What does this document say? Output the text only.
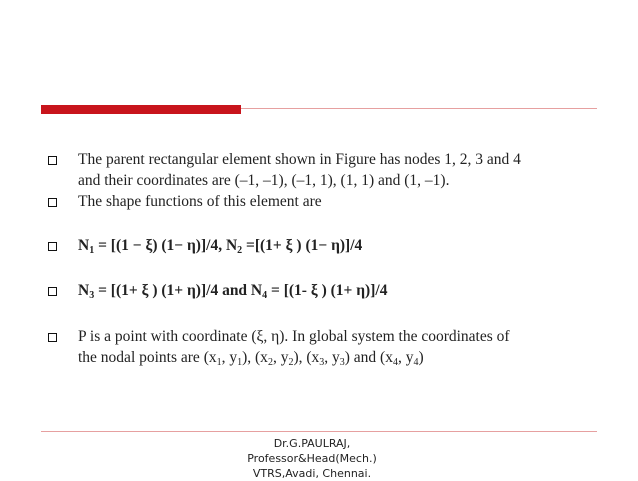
The parent rectangular element shown in Figure has nodes 1, 2, 3 and 4
and their coordinates are (–1, –1), (–1, 1), (1, 1) and (1, –1).
The shape functions of this element are
$N_1 = [(1 - \xi)$ (1− η)]/4, $N_2 =[(1+ \xi$ ) (1− η)]/4
$N_3 = [(1+ \xi$ ) (1+ η)]/4 and $N_4 = [(1-$ ξ ) (1+ η)]/4
P is a point with coordinate (ξ, η). In global system the coordinates of
the nodal points are ($x_1$, $y_1$), ($x_2$, $y_2$), ($x_3$, $y_3$) and ($x_4$, $y_4$)
Dr.G.PAULRAJ,
Professor&Head(Mech.)
VTRS,Avadi, Chennai.
